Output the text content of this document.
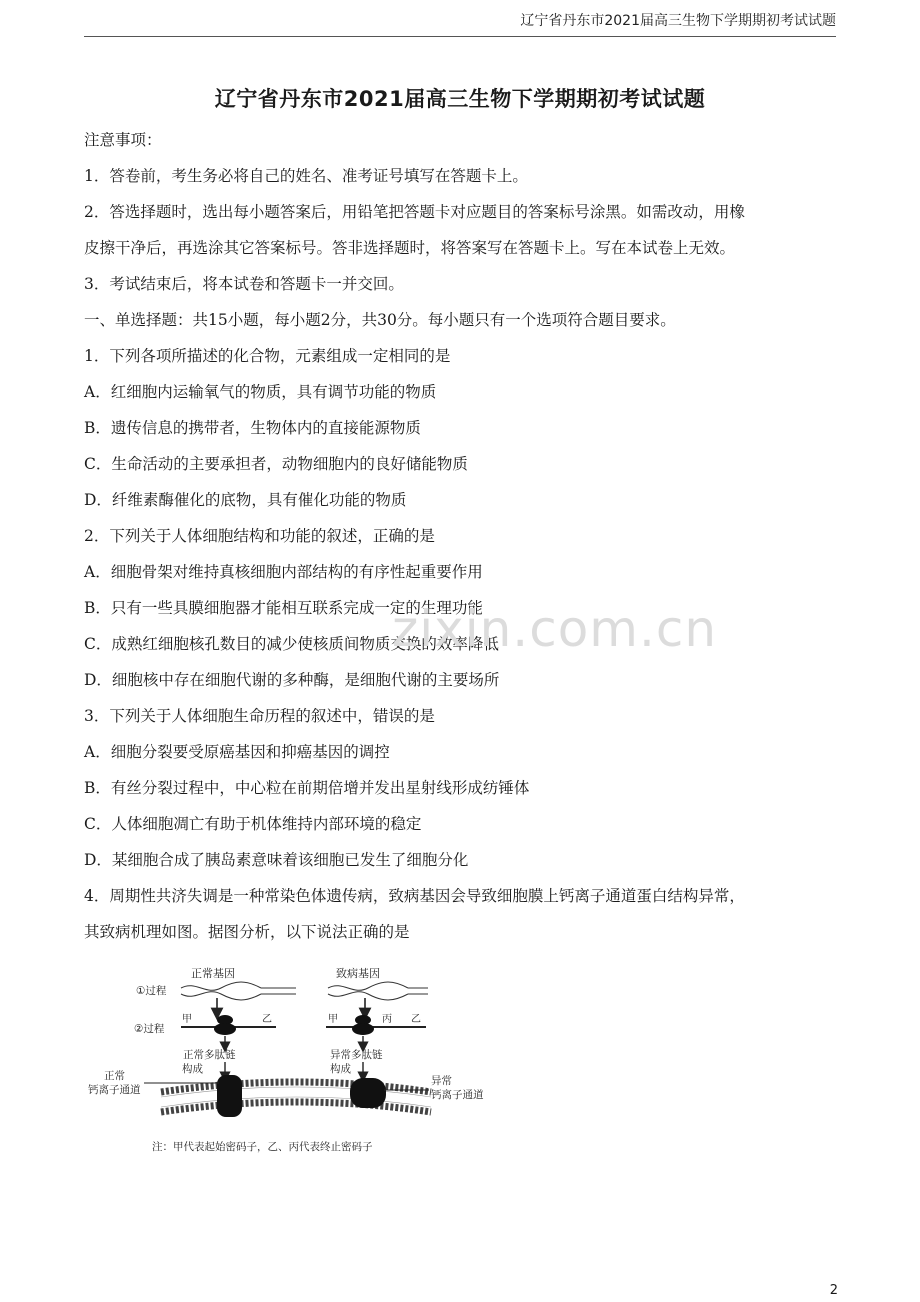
辽宁省丹东市2021届高三生物下学期期初考试试题
辽宁省丹东市2021届高三生物下学期期初考试试题
注意事项：
1．答卷前，考生务必将自己的姓名、准考证号填写在答题卡上。
2．答选择题时，选出每小题答案后，用铅笔把答题卡对应题目的答案标号涂黑。如需改动，用橡
皮擦干净后，再选涂其它答案标号。答非选择题时，将答案写在答题卡上。写在本试卷上无效。
3．考试结束后，将本试卷和答题卡一并交回。
一、单选择题：共15小题，每小题2分，共30分。每小题只有一个选项符合题目要求。
1．下列各项所描述的化合物，元素组成一定相同的是
A．红细胞内运输氧气的物质，具有调节功能的物质
B．遗传信息的携带者，生物体内的直接能源物质
C．生命活动的主要承担者，动物细胞内的良好储能物质
D．纤维素酶催化的底物，具有催化功能的物质
2．下列关于人体细胞结构和功能的叙述，正确的是
A．细胞骨架对维持真核细胞内部结构的有序性起重要作用
B．只有一些具膜细胞器才能相互联系完成一定的生理功能
C．成熟红细胞核孔数目的减少使核质间物质交换的效率降低
D．细胞核中存在细胞代谢的多种酶，是细胞代谢的主要场所
3．下列关于人体细胞生命历程的叙述中，错误的是
A．细胞分裂要受原癌基因和抑癌基因的调控
B．有丝分裂过程中，中心粒在前期倍增并发出星射线形成纺锤体
C．人体细胞凋亡有助于机体维持内部环境的稳定
D．某细胞合成了胰岛素意味着该细胞已发生了细胞分化
4．周期性共济失调是一种常染色体遗传病，致病基因会导致细胞膜上钙离子通道蛋白结构异常，
其致病机理如图。据图分析，以下说法正确的是
zixin.com.cn
①过程
②过程
正常基因
甲	乙
正常多肽链
构成
致病基因
甲	丙 乙
异常多肽链
构成
正常
钙离子通道
异常
钙离子通道
注：甲代表起始密码子，乙、丙代表终止密码子
2
